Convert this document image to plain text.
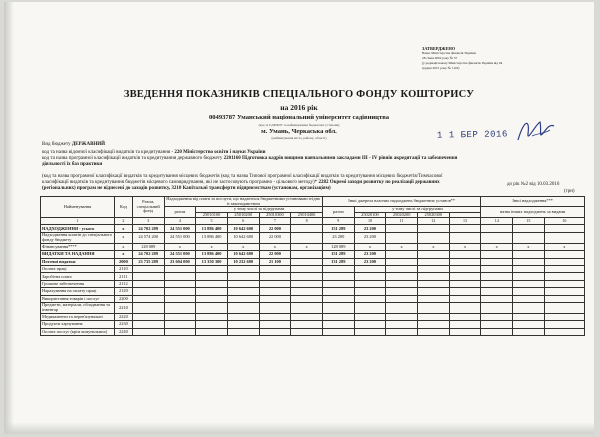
ЗАТВЕРДЖЕНО
Наказ Міністерства фінансів України
28 січня 2002 року № 57
(у редакції наказу Міністерства фінансів України від 04
грудня 2015 року № 1118)
1 1 БЕР 2016
ЗВЕДЕННЯ ПОКАЗНИКІВ СПЕЦІАЛЬНОГО ФОНДУ КОШТОРИСУ
на 2016 рік
00493787 Уманський національний університет садівництва
(код за ЄДРПОУ та найменування бюджетної установи)
м. Умань, Черкаська обл.
(найменування міста, району, області)
Вид бюджету ДЕРЖАВНИЙ
код та назва відомчої класифікації видатків та кредитування - 220 Міністерство освіти і науки України
код та назва програмної класифікації видатків та кредитування державного бюджету 2201160 Підготовка кадрів вищими навчальними закладами III - IV рівнів акредитації та забезпечення
діяльності їх баз практики
(код та назва програмної класифікації видатків та кредитування місцевих бюджетів (код та назва Типової програмної класифікації видатків та кредитування місцевих бюджетів/Тимчасової
класифікації видатків та кредитування бюджетів місцевого самоврядування, які не застосовують програмно - цільового методу)* 2282 Окремі заходи розвитку по реалізації державних
(регіональних) програм не віднесені до заходів розвитку, 3210 Капітальні трансферти підприємствам (установам, організаціям)
до рік №2 від 10.03.2016
(грн)
Найменування	Код	Разом, спеціальний фонд	Надходження від плати за послуги, що надаються бюджетними установами згідно із законодавством					Інші джерела власних надходжень бюджетних установ**					Інші надходження***		
			разом	у тому числі за підгрупами				разом	у тому числі за підгрупами				назва інших надходжень за видами		
				25010100	25010200	25010300	25010400		25020100	25020200	25020300				

1	2	3	4	5	6	7	8	9	10	11	12	13	14	15	16
НАДХОДЖЕННЯ - усього	х	24 702 289	24 551 000	13 886 400	10 642 600	22 000		151 289	23 200						
Надходження коштів до спеціального фонду бюджету	х	24 574 200	24 551 000	13 886 400	10 642 600	22 000		23 200	23 200						
Фінансування****	х	128 089	х	х	х	х	х	128 089	х	х	х	х	х	х	х
ВИДАТКИ ТА НАДАННЯ	х	24 702 289	24 551 000	13 886 400	10 642 600	22 000		151 289	23 200						
Поточні видатки	2000	23 735 289	23 604 000	13 350 300	10 232 600	21 100		131 289	23 200						
Оплата праці	2110														
Заробітна плата	2111														
Грошове забезпечення	2112														
Нарахування на оплату праці	2120														
Використання товарів і послуг	2200														
Предмети, матеріали, обладнання та інвентар	2210														
Медикаменти та перев'язувальні	2220														
Продукти харчування	2230														
Оплата послуг (крім комунальних)	2240														
